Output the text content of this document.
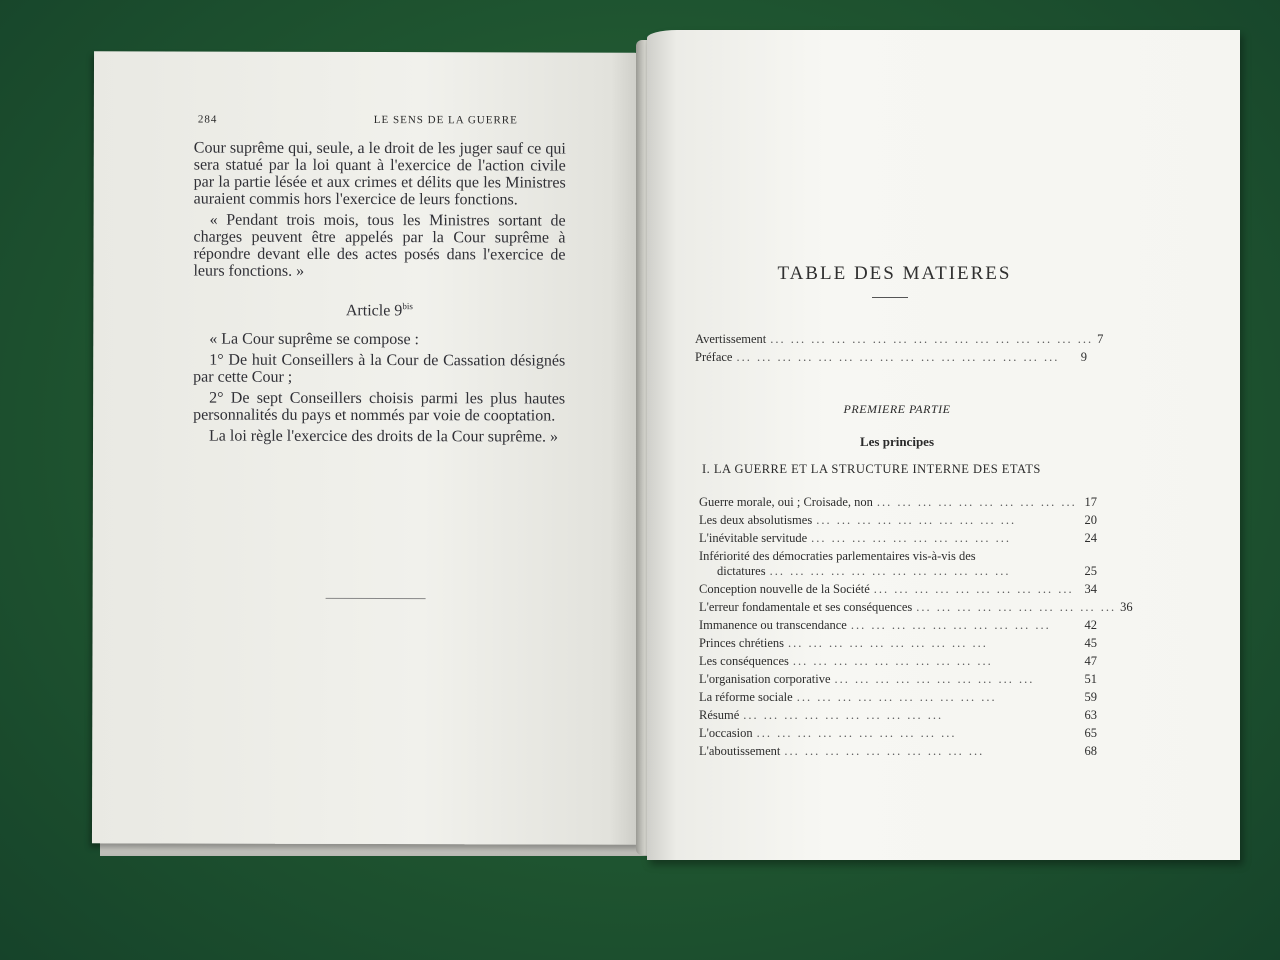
284	LE SENS DE LA GUERRE

Cour suprême qui, seule, a le droit de les juger sauf ce qui sera statué par la loi quant à l'exercice de l'action civile par la partie lésée et aux crimes et délits que les Ministres auraient commis hors l'exercice de leurs fonctions.

« Pendant trois mois, tous les Ministres sortant de charges peuvent être appelés par la Cour suprême à répondre devant elle des actes posés dans l'exercice de leurs fonctions. »

Article $9^{bis}$

« La Cour suprême se compose :

1° De huit Conseillers à la Cour de Cassation désignés par cette Cour ;

2° De sept Conseillers choisis parmi les plus hautes personnalités du pays et nommés par voie de cooptation.

La loi règle l'exercice des droits de la Cour suprême. »

TABLE DES MATIERES
Avertissement ... ... ... ... ... ... ... ... ... ... ... ... ... ... ... ... 7
Préface ... ... ... ... ... ... ... ... ... ... ... ... ... ... ... ...	9
PREMIERE PARTIE
Les principes
I. LA GUERRE ET LA STRUCTURE INTERNE DES ETATS
Guerre morale, oui ; Croisade, non ... ... ... ... ... ... ... ... ... ... 17
Les deux absolutismes ... ... ... ... ... ... ... ... ... ...	20
L'inévitable servitude ... ... ... ... ... ... ... ... ... ...	24
Infériorité des démocraties parlementaires vis-à-vis des
dictatures ... ... ... ... ... ... ... ... ... ... ... ...	25
Conception nouvelle de la Société ... ... ... ... ... ... ... ... ... ... 34
L'erreur fondamentale et ses conséquences ... ... ... ... ... ... ... ... ... ... 36
Immanence ou transcendance ... ... ... ... ... ... ... ... ... ...	42
Princes chrétiens ... ... ... ... ... ... ... ... ... ...	45
Les conséquences ... ... ... ... ... ... ... ... ... ...	47
L'organisation corporative ... ... ... ... ... ... ... ... ... ...	51
La réforme sociale ... ... ... ... ... ... ... ... ... ...	59
Résumé ... ... ... ... ... ... ... ... ... ...	63
L'occasion ... ... ... ... ... ... ... ... ... ...	65
L'aboutissement ... ... ... ... ... ... ... ... ... ...	68
